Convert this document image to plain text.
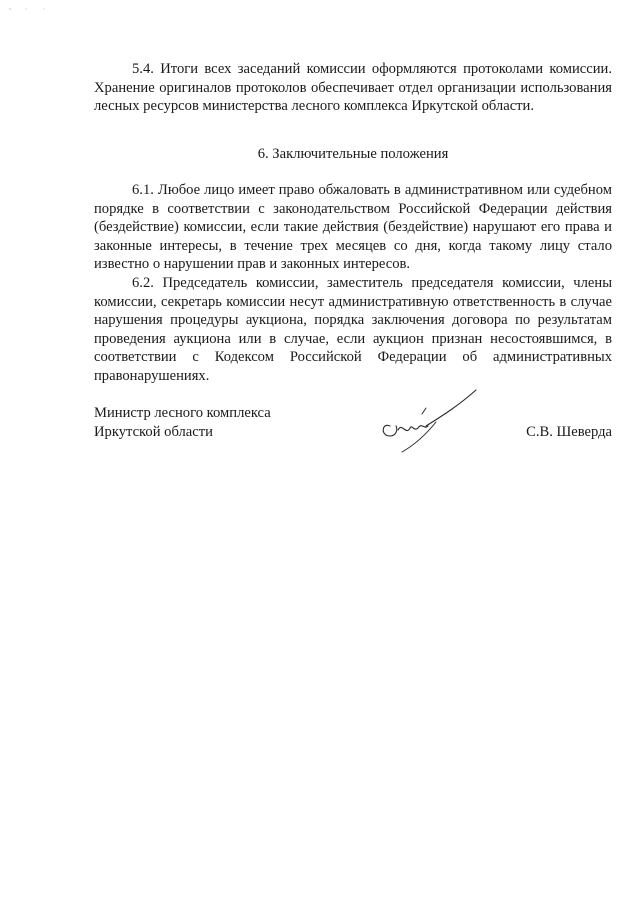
5.4. Итоги всех заседаний комиссии оформляются протоколами комиссии. Хранение оригиналов протоколов обеспечивает отдел организации использования лесных ресурсов министерства лесного комплекса Иркутской области.

6. Заключительные положения

6.1. Любое лицо имеет право обжаловать в административном или судебном порядке в соответствии с законодательством Российской Федерации действия (бездействие) комиссии, если такие действия (бездействие) нарушают его права и законные интересы, в течение трех месяцев со дня, когда такому лицу стало известно о нарушении прав и законных интересов.

6.2. Председатель комиссии, заместитель председателя комиссии, члены комиссии, секретарь комиссии несут административную ответственность в случае нарушения процедуры аукциона, порядка заключения договора по результатам проведения аукциона или в случае, если аукцион признан несостоявшимся, в соответствии с Кодексом Российской Федерации об административных правонарушениях.

Министр лесного комплекса
Иркутской области	С.В. Шеверда
